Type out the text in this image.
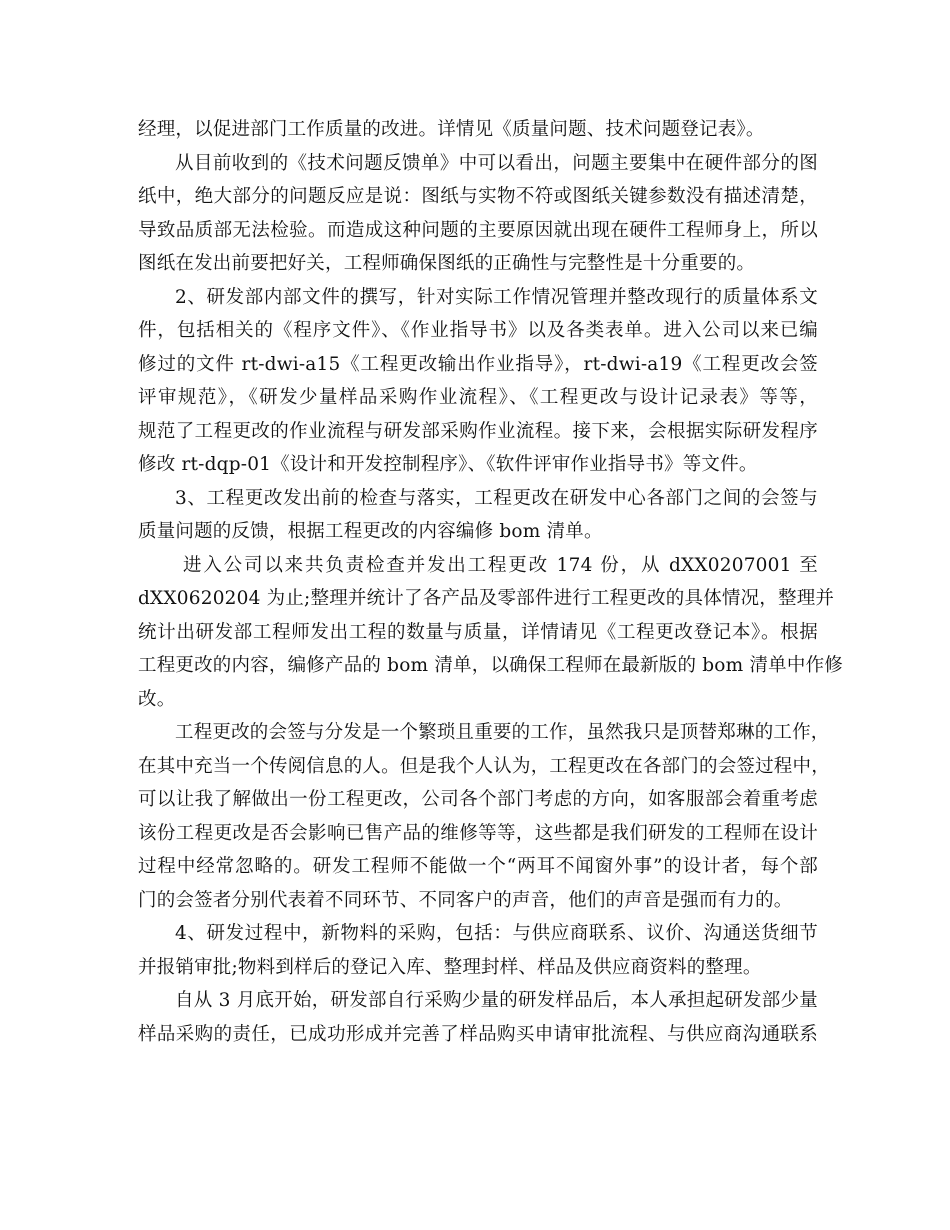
经理，以促进部门工作质量的改进。详情见《质量问题、技术问题登记表》。
从目前收到的《技术问题反馈单》中可以看出，问题主要集中在硬件部分的图
纸中，绝大部分的问题反应是说：图纸与实物不符或图纸关键参数没有描述清楚，
导致品质部无法检验。而造成这种问题的主要原因就出现在硬件工程师身上，所以
图纸在发出前要把好关，工程师确保图纸的正确性与完整性是十分重要的。
2、研发部内部文件的撰写，针对实际工作情况管理并整改现行的质量体系文
件，包括相关的《程序文件》、《作业指导书》以及各类表单。进入公司以来已编
修过的文件 rt-dwi-a15《工程更改输出作业指导》，rt-dwi-a19《工程更改会签
评审规范》，《研发少量样品采购作业流程》、《工程更改与设计记录表》等等，
规范了工程更改的作业流程与研发部采购作业流程。接下来，会根据实际研发程序
修改 rt-dqp-01《设计和开发控制程序》、《软件评审作业指导书》等文件。
3、工程更改发出前的检查与落实，工程更改在研发中心各部门之间的会签与
质量问题的反馈，根据工程更改的内容编修 bom 清单。
进入公司以来共负责检查并发出工程更改 174 份，从 dXX0207001 至
dXX0620204 为止;整理并统计了各产品及零部件进行工程更改的具体情况，整理并
统计出研发部工程师发出工程的数量与质量，详情请见《工程更改登记本》。根据
工程更改的内容，编修产品的 bom 清单，以确保工程师在最新版的 bom 清单中作修
改。
工程更改的会签与分发是一个繁琐且重要的工作，虽然我只是顶替郑琳的工作，
在其中充当一个传阅信息的人。但是我个人认为，工程更改在各部门的会签过程中，
可以让我了解做出一份工程更改，公司各个部门考虑的方向，如客服部会着重考虑
该份工程更改是否会影响已售产品的维修等等，这些都是我们研发的工程师在设计
过程中经常忽略的。研发工程师不能做一个“两耳不闻窗外事”的设计者，每个部
门的会签者分别代表着不同环节、不同客户的声音，他们的声音是强而有力的。
4、研发过程中，新物料的采购，包括：与供应商联系、议价、沟通送货细节
并报销审批;物料到样后的登记入库、整理封样、样品及供应商资料的整理。
自从 3 月底开始，研发部自行采购少量的研发样品后，本人承担起研发部少量
样品采购的责任，已成功形成并完善了样品购买申请审批流程、与供应商沟通联系
